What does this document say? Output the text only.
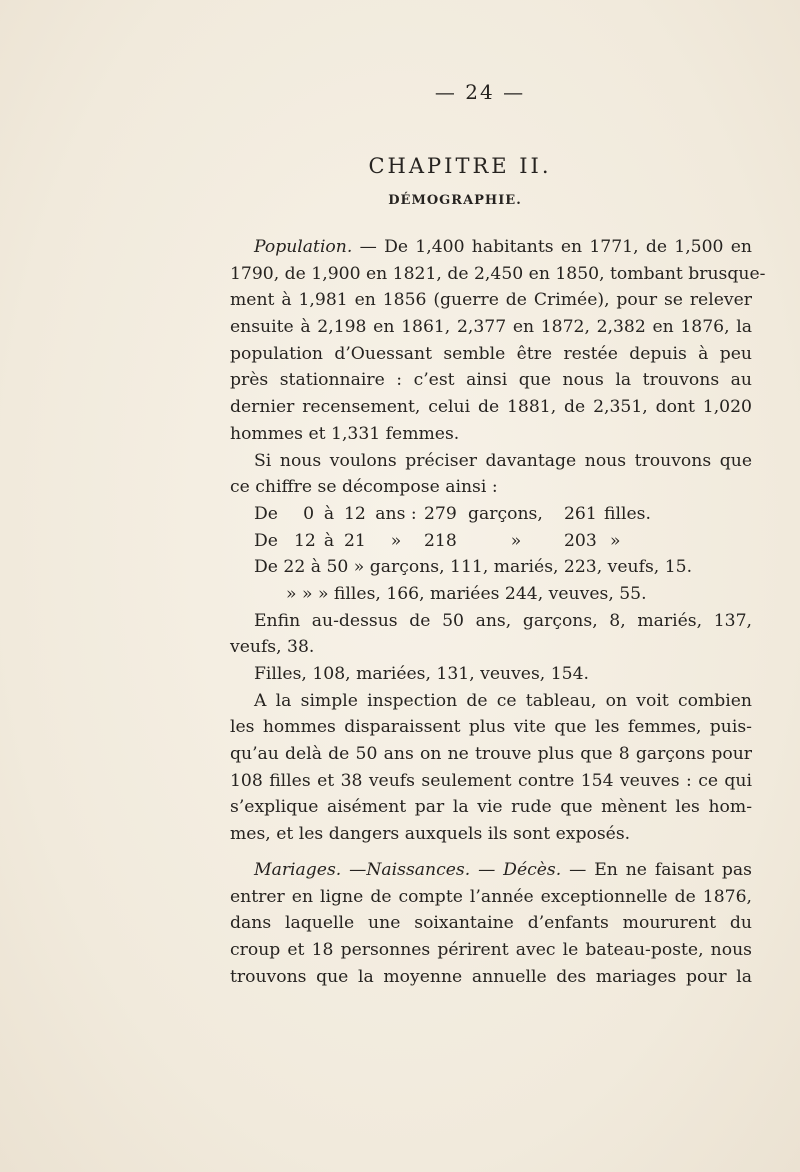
— 24 —
CHAPITRE II.
DÉMOGRAPHIE.
Population. — De 1,400 habitants en 1771, de 1,500 en
1790, de 1,900 en 1821, de 2,450 en 1850, tombant brusque-
ment à 1,981 en 1856 (guerre de Crimée), pour se relever
ensuite à 2,198 en 1861, 2,377 en 1872, 2,382 en 1876, la
population d’Ouessant semble être restée depuis à peu
près stationnaire : c’est ainsi que nous la trouvons au
dernier recensement, celui de 1881, de 2,351, dont 1,020
hommes et 1,331 femmes.
Si nous voulons préciser davantage nous trouvons que
ce chiffre se décompose ainsi :
De 0 à 12 ans : 279 garçons, 261 filles.
De 12 à 21 » 218	» 203 »
De 22 à 50 » garçons, 111, mariés, 223, veufs, 15.
» » » filles, 166, mariées 244, veuves, 55.
Enfin au-dessus de 50 ans, garçons, 8, mariés, 137,
veufs, 38.
Filles, 108, mariées, 131, veuves, 154.
A la simple inspection de ce tableau, on voit combien
les hommes disparaissent plus vite que les femmes, puis-
qu’au delà de 50 ans on ne trouve plus que 8 garçons pour
108 filles et 38 veufs seulement contre 154 veuves : ce qui
s’explique aisément par la vie rude que mènent les hom-
mes, et les dangers auxquels ils sont exposés.
Mariages. —Naissances. — Décès. — En ne faisant pas
entrer en ligne de compte l’année exceptionnelle de 1876,
dans laquelle une soixantaine d’enfants moururent du
croup et 18 personnes périrent avec le bateau-poste, nous
trouvons que la moyenne annuelle des mariages pour la
